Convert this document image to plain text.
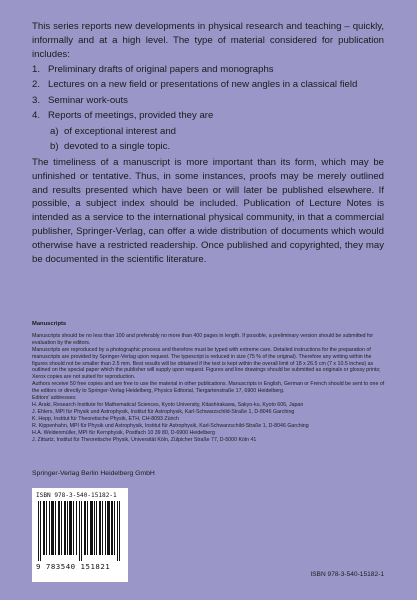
This series reports new developments in physical research and teaching – quickly, informally and at a high level. The type of material considered for publication includes:

1. Preliminary drafts of original papers and monographs
2. Lectures on a new field or presentations of new angles in a classical field
3. Seminar work-outs
4. Reports of meetings, provided they are
a) of exceptional interest and
b) devoted to a single topic.

The timeliness of a manuscript is more important than its form, which may be unfinished or tentative. Thus, in some instances, proofs may be merely outlined and results presented which have been or will later be published elsewhere. If possible, a subject index should be included. Publication of Lecture Notes is intended as a service to the international physical community, in that a commercial publisher, Springer-Verlag, can offer a wide distribution of documents which would otherwise have a restricted readership. Once published and copyrighted, they may be documented in the scientific literature.

Manuscripts

Manuscripts should be no less than 100 and preferably no more than 400 pages in length. If possible, a preliminary version should be submitted for evaluation by the editors.

Manuscripts are reproduced by a photographic process and therefore must be typed with extreme care. Detailed instructions for the preparation of manuscripts are provided by Springer-Verlag upon request. The typescript is reduced in size (75 % of the original). Therefore any writing within the figures should not be smaller than 2.5 mm. Best results will be obtained if the text is kept within the overall limit of 18 x 26.5 cm (7 x 10.5 inches) as outlined on the special paper which the publisher will supply upon request. Figures and line drawings should be submitted as originals or glossy prints; Xerox copies are not suited for reproduction.

Authors receive 50 free copies and are free to use the material in other publications. Manuscripts in English, German or French should be sent to one of the editors or directly to Springer-Verlag Heidelberg, Physics Editorial, Tiergartenstraße 17, 6900 Heidelberg.

Editors' addresses:

H. Araki, Research Institute for Mathematical Sciences, Kyoto University, Kitashirakawa, Sakyo-ku, Kyoto 606, Japan

J. Ehlers, MPI für Physik und Astrophysik, Institut für Astrophysik, Karl-Schwarzschild-Straße 1, D-8046 Garching

K. Hepp, Institut für Theoretische Physik, ETH, CH-8093 Zürich

R. Kippenhahn, MPI für Physik und Astrophysik, Institut für Astrophysik, Karl-Schwarzschild-Straße 1, D-8046 Garching

H.A. Weidenmüller, MPI für Kernphysik, Postfach 10 39 80, D-6900 Heidelberg

J. Zittartz, Institut für Theoretische Physik, Universität Köln, Zülpicher Straße 77, D-5000 Köln 41

Springer-Verlag Berlin Heidelberg GmbH
ISBN 978-3-540-15182-1
9 783540 151821
ISBN 978-3-540-15182-1
